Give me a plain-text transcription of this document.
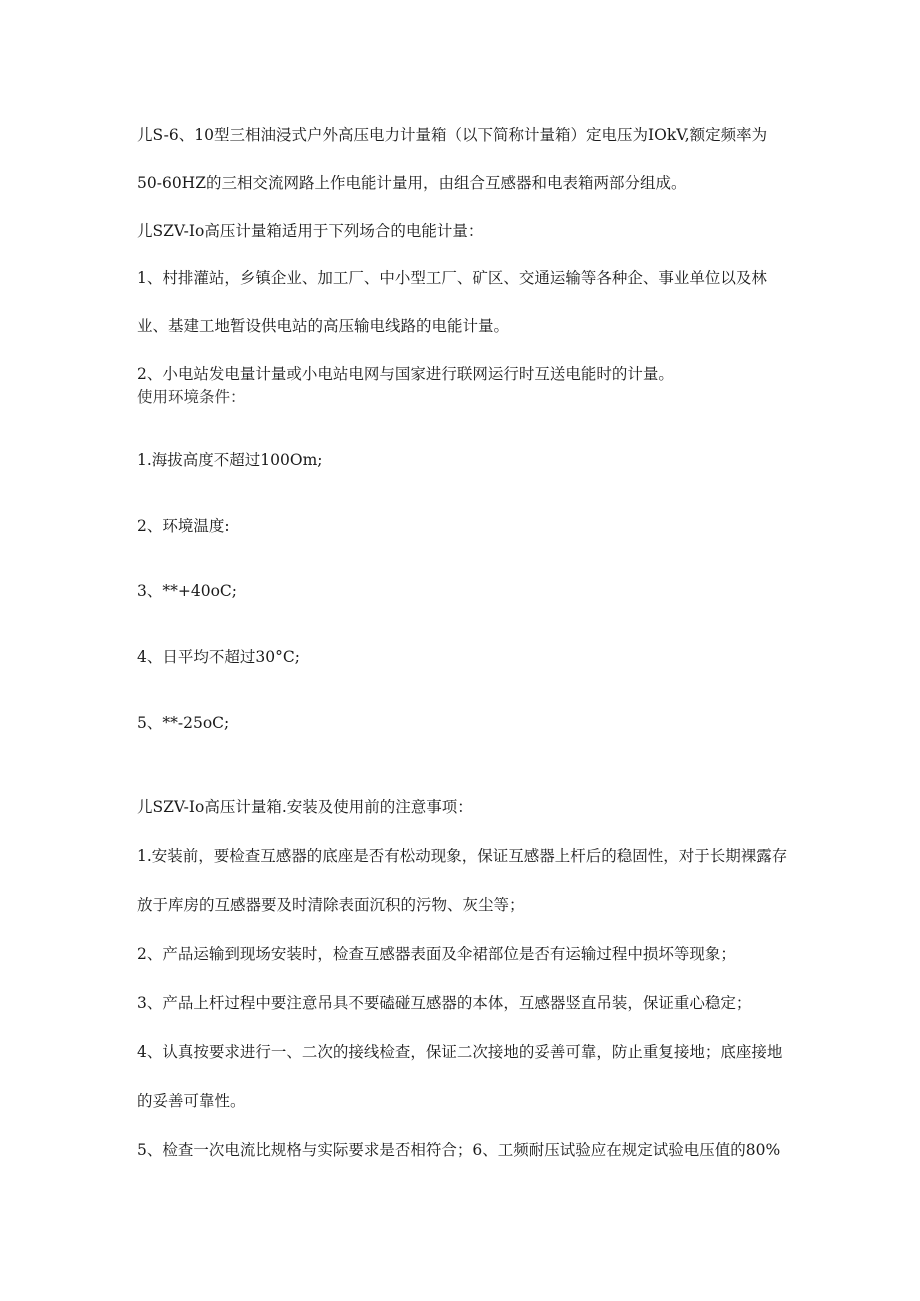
儿S-6、10型三相油浸式户外高压电力计量箱（以下简称计量箱）定电压为IOkV,额定频率为
50-60HZ的三相交流网路上作电能计量用，由组合互感器和电表箱两部分组成。
儿SZV-Io高压计量箱适用于下列场合的电能计量：
1、村排灌站，乡镇企业、加工厂、中小型工厂、矿区、交通运输等各种企、事业单位以及林
业、基建工地暂设供电站的高压输电线路的电能计量。
2、小电站发电量计量或小电站电网与国家进行联网运行时互送电能时的计量。
使用环境条件：
1.海拔高度不超过100Om;
2、环境温度:
3、**+40oC;
4、日平均不超过30°C;
5、**-25oC;
儿SZV-Io高压计量箱.安装及使用前的注意事项：
1.安装前，要检查互感器的底座是否有松动现象，保证互感器上杆后的稳固性，对于长期裸露存
放于库房的互感器要及时清除表面沉积的污物、灰尘等；
2、产品运输到现场安装时，检查互感器表面及伞裙部位是否有运输过程中损坏等现象；
3、产品上杆过程中要注意吊具不要磕碰互感器的本体，互感器竖直吊装，保证重心稳定；
4、认真按要求进行一、二次的接线检查，保证二次接地的妥善可靠，防止重复接地；底座接地
的妥善可靠性。
5、检查一次电流比规格与实际要求是否相符合；6、工频耐压试验应在规定试验电压值的80%
